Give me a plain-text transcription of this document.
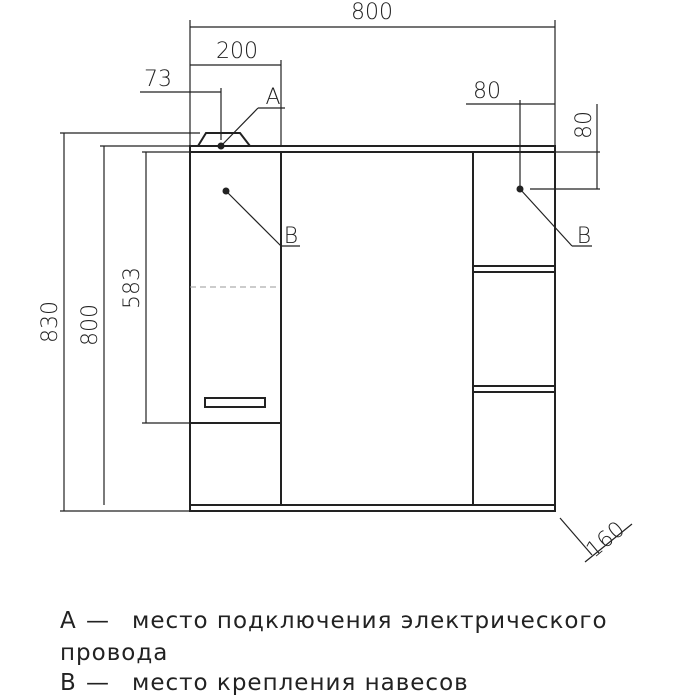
800
200
73	80
80
830 800
583
160
A
B	B
A — место подключения электрического
провода
B — место крепления навесов
